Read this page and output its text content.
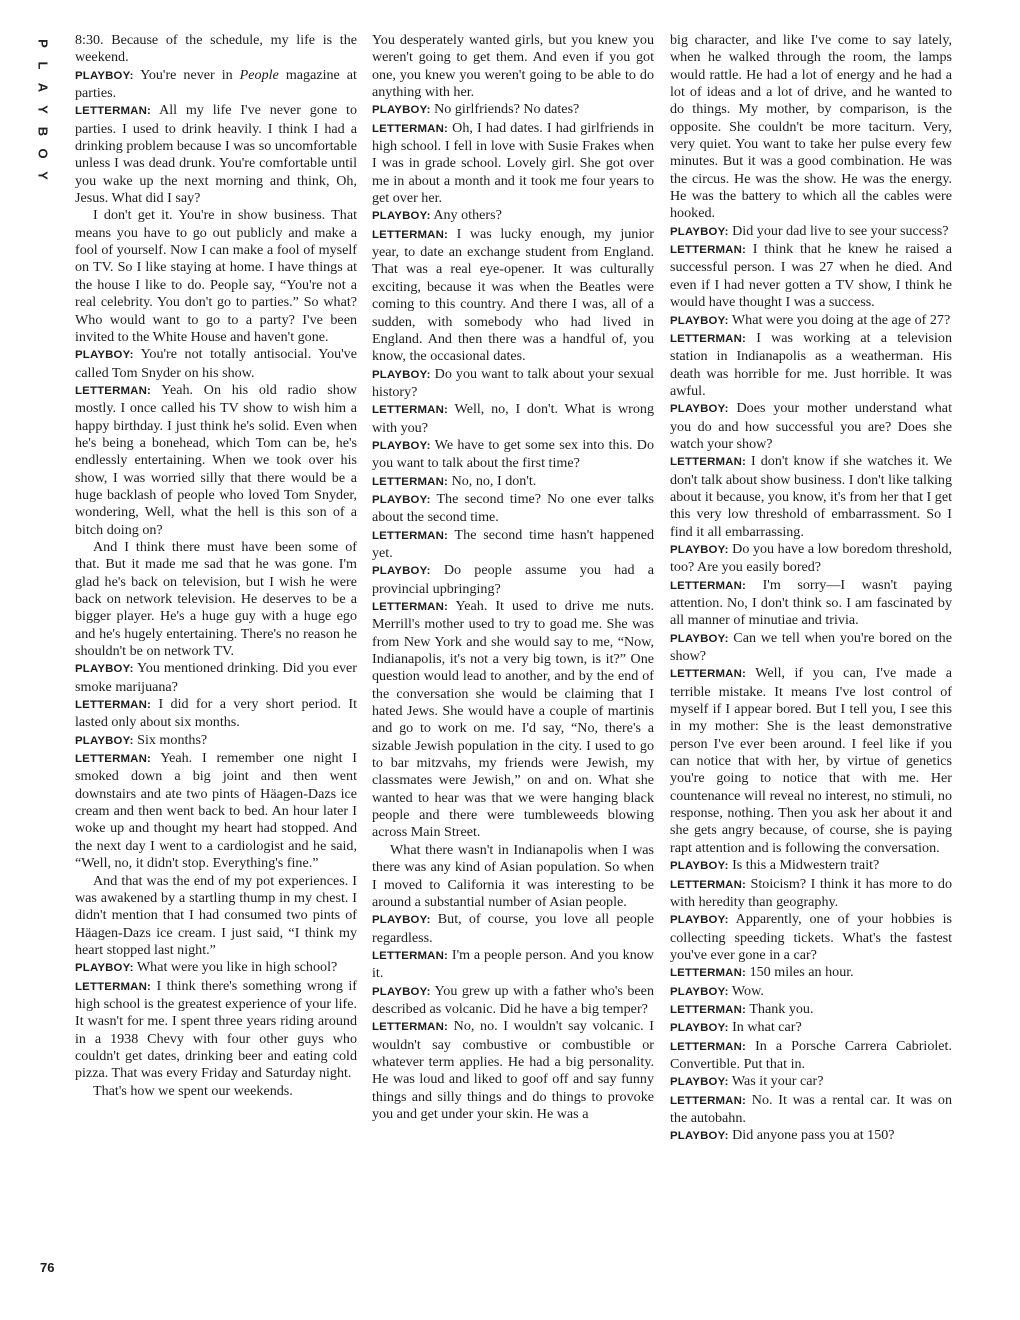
P
L
A
Y
B
O
Y

8:30. Because of the schedule, my life is the weekend.

PLAYBOY: You're never in People magazine at parties.

LETTERMAN: All my life I've never gone to parties. I used to drink heavily. I think I had a drinking problem because I was so uncomfortable unless I was dead drunk. You're comfortable until you wake up the next morning and think, Oh, Jesus. What did I say?

I don't get it. You're in show business. That means you have to go out publicly and make a fool of yourself. Now I can make a fool of myself on TV. So I like staying at home. I have things at the house I like to do. People say, “You're not a real celebrity. You don't go to parties.” So what? Who would want to go to a party? I've been invited to the White House and haven't gone.

PLAYBOY: You're not totally antisocial. You've called Tom Snyder on his show.

LETTERMAN: Yeah. On his old radio show mostly. I once called his TV show to wish him a happy birthday. I just think he's solid. Even when he's being a bonehead, which Tom can be, he's endlessly entertaining. When we took over his show, I was worried silly that there would be a huge backlash of people who loved Tom Snyder, wondering, Well, what the hell is this son of a bitch doing on?

And I think there must have been some of that. But it made me sad that he was gone. I'm glad he's back on television, but I wish he were back on network television. He deserves to be a bigger player. He's a huge guy with a huge ego and he's hugely entertaining. There's no reason he shouldn't be on network TV.

PLAYBOY: You mentioned drinking. Did you ever smoke marijuana?

LETTERMAN: I did for a very short period. It lasted only about six months.

PLAYBOY: Six months?

LETTERMAN: Yeah. I remember one night I smoked down a big joint and then went downstairs and ate two pints of Häagen-Dazs ice cream and then went back to bed. An hour later I woke up and thought my heart had stopped. And the next day I went to a cardiologist and he said, “Well, no, it didn't stop. Everything's fine.”

And that was the end of my pot experiences. I was awakened by a startling thump in my chest. I didn't mention that I had consumed two pints of Häagen-Dazs ice cream. I just said, “I think my heart stopped last night.”

PLAYBOY: What were you like in high school?

LETTERMAN: I think there's something wrong if high school is the greatest experience of your life. It wasn't for me. I spent three years riding around in a 1938 Chevy with four other guys who couldn't get dates, drinking beer and eating cold pizza. That was every Friday and Saturday night.

That's how we spent our weekends.

You desperately wanted girls, but you knew you weren't going to get them. And even if you got one, you knew you weren't going to be able to do anything with her.

PLAYBOY: No girlfriends? No dates?

LETTERMAN: Oh, I had dates. I had girlfriends in high school. I fell in love with Susie Frakes when I was in grade school. Lovely girl. She got over me in about a month and it took me four years to get over her.

PLAYBOY: Any others?

LETTERMAN: I was lucky enough, my junior year, to date an exchange student from England. That was a real eye-opener. It was culturally exciting, because it was when the Beatles were coming to this country. And there I was, all of a sudden, with somebody who had lived in England. And then there was a handful of, you know, the occasional dates.

PLAYBOY: Do you want to talk about your sexual history?

LETTERMAN: Well, no, I don't. What is wrong with you?

PLAYBOY: We have to get some sex into this. Do you want to talk about the first time?

LETTERMAN: No, no, I don't.

PLAYBOY: The second time? No one ever talks about the second time.

LETTERMAN: The second time hasn't happened yet.

PLAYBOY: Do people assume you had a provincial upbringing?

LETTERMAN: Yeah. It used to drive me nuts. Merrill's mother used to try to goad me. She was from New York and she would say to me, “Now, Indianapolis, it's not a very big town, is it?” One question would lead to another, and by the end of the conversation she would be claiming that I hated Jews. She would have a couple of martinis and go to work on me. I'd say, “No, there's a sizable Jewish population in the city. I used to go to bar mitzvahs, my friends were Jewish, my classmates were Jewish,” on and on. What she wanted to hear was that we were hanging black people and there were tumbleweeds blowing across Main Street.

What there wasn't in Indianapolis when I was there was any kind of Asian population. So when I moved to California it was interesting to be around a substantial number of Asian people.

PLAYBOY: But, of course, you love all people regardless.

LETTERMAN: I'm a people person. And you know it.

PLAYBOY: You grew up with a father who's been described as volcanic. Did he have a big temper?

LETTERMAN: No, no. I wouldn't say volcanic. I wouldn't say combustive or combustible or whatever term applies. He had a big personality. He was loud and liked to goof off and say funny things and silly things and do things to provoke you and get under your skin. He was a

big character, and like I've come to say lately, when he walked through the room, the lamps would rattle. He had a lot of energy and he had a lot of ideas and a lot of drive, and he wanted to do things. My mother, by comparison, is the opposite. She couldn't be more taciturn. Very, very quiet. You want to take her pulse every few minutes. But it was a good combination. He was the circus. He was the show. He was the energy. He was the battery to which all the cables were hooked.

PLAYBOY: Did your dad live to see your success?

LETTERMAN: I think that he knew he raised a successful person. I was 27 when he died. And even if I had never gotten a TV show, I think he would have thought I was a success.

PLAYBOY: What were you doing at the age of 27?

LETTERMAN: I was working at a television station in Indianapolis as a weatherman. His death was horrible for me. Just horrible. It was awful.

PLAYBOY: Does your mother understand what you do and how successful you are? Does she watch your show?

LETTERMAN: I don't know if she watches it. We don't talk about show business. I don't like talking about it because, you know, it's from her that I get this very low threshold of embarrassment. So I find it all embarrassing.

PLAYBOY: Do you have a low boredom threshold, too? Are you easily bored?

LETTERMAN: I'm sorry—I wasn't paying attention. No, I don't think so. I am fascinated by all manner of minutiae and trivia.

PLAYBOY: Can we tell when you're bored on the show?

LETTERMAN: Well, if you can, I've made a terrible mistake. It means I've lost control of myself if I appear bored. But I tell you, I see this in my mother: She is the least demonstrative person I've ever been around. I feel like if you can notice that with her, by virtue of genetics you're going to notice that with me. Her countenance will reveal no interest, no stimuli, no response, nothing. Then you ask her about it and she gets angry because, of course, she is paying rapt attention and is following the conversation.

PLAYBOY: Is this a Midwestern trait?

LETTERMAN: Stoicism? I think it has more to do with heredity than geography.

PLAYBOY: Apparently, one of your hobbies is collecting speeding tickets. What's the fastest you've ever gone in a car?

LETTERMAN: 150 miles an hour.

PLAYBOY: Wow.

LETTERMAN: Thank you.

PLAYBOY: In what car?

LETTERMAN: In a Porsche Carrera Cabriolet. Convertible. Put that in.

PLAYBOY: Was it your car?

LETTERMAN: No. It was a rental car. It was on the autobahn.

PLAYBOY: Did anyone pass you at 150?

76
